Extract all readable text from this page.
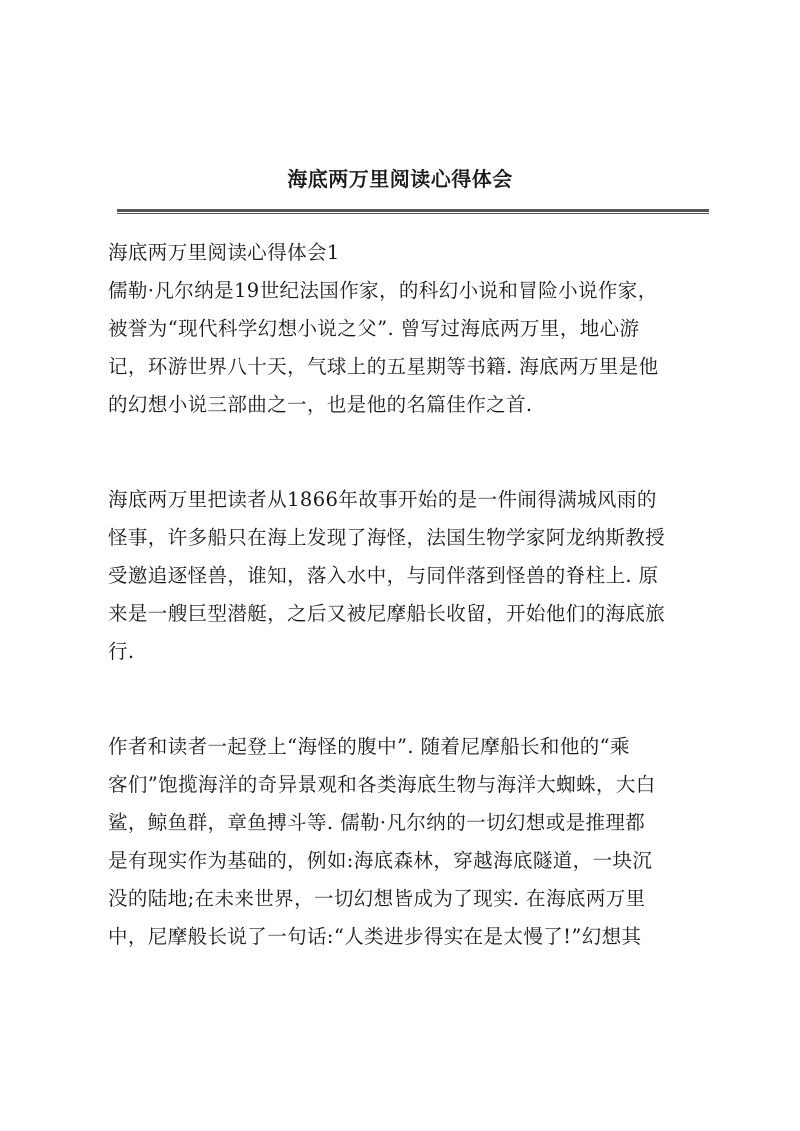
海底两万里阅读心得体会
海底两万里阅读心得体会1
儒勒·凡尔纳是19世纪法国作家，的科幻小说和冒险小说作家，
被誉为“现代科学幻想小说之父”. 曾写过海底两万里，地心游
记，环游世界八十天，气球上的五星期等书籍. 海底两万里是他
的幻想小说三部曲之一，也是他的名篇佳作之首.
海底两万里把读者从1866年故事开始的是一件闹得满城风雨的
怪事，许多船只在海上发现了海怪，法国生物学家阿龙纳斯教授
受邀追逐怪兽，谁知，落入水中，与同伴落到怪兽的脊柱上. 原
来是一艘巨型潜艇，之后又被尼摩船长收留，开始他们的海底旅
行.
作者和读者一起登上“海怪的腹中”. 随着尼摩船长和他的“乘
客们”饱揽海洋的奇异景观和各类海底生物与海洋大蜘蛛，大白
鲨，鲸鱼群，章鱼搏斗等. 儒勒·凡尔纳的一切幻想或是推理都
是有现实作为基础的，例如:海底森林，穿越海底隧道，一块沉
没的陆地;在未来世界，一切幻想皆成为了现实. 在海底两万里
中，尼摩般长说了一句话:“人类进步得实在是太慢了!”幻想其
